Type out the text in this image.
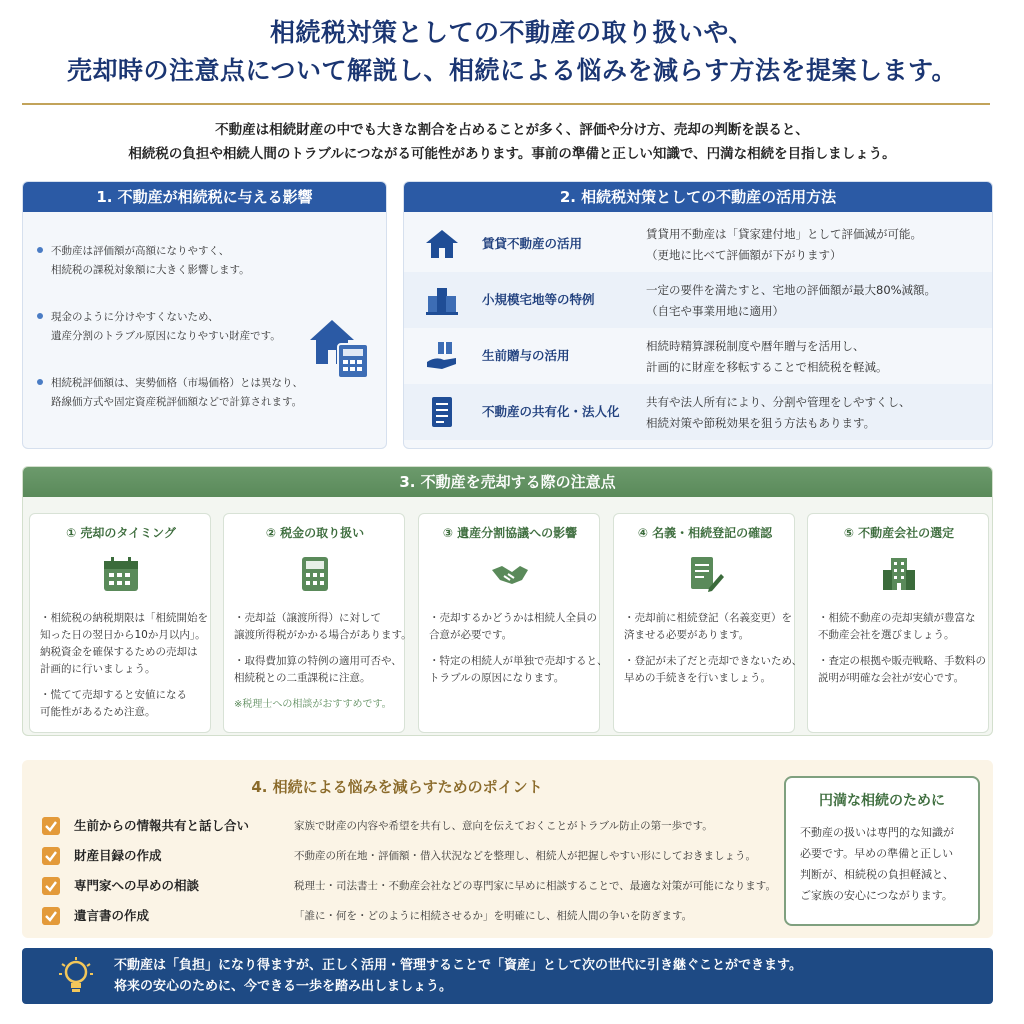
相続税対策としての不動産の取り扱いや、
売却時の注意点について解説し、相続による悩みを減らす方法を提案します。
不動産は相続財産の中でも大きな割合を占めることが多く、評価や分け方、売却の判断を誤ると、
相続税の負担や相続人間のトラブルにつながる可能性があります。事前の準備と正しい知識で、円満な相続を目指しましょう。
1. 不動産が相続税に与える影響
不動産は評価額が高額になりやすく、
相続税の課税対象額に大きく影響します。
現金のように分けやすくないため、
遺産分割のトラブル原因になりやすい財産です。
相続税評価額は、実勢価格（市場価格）とは異なり、
路線価方式や固定資産税評価額などで計算されます。
2. 相続税対策としての不動産の活用方法
賃貸不動産の活用
賃貸用不動産は「貸家建付地」として評価減が可能。
（更地に比べて評価額が下がります）
小規模宅地等の特例
一定の要件を満たすと、宅地の評価額が最大80%減額。
（自宅や事業用地に適用）
生前贈与の活用
相続時精算課税制度や暦年贈与を活用し、
計画的に財産を移転することで相続税を軽減。
不動産の共有化・法人化
共有や法人所有により、分割や管理をしやすくし、
相続対策や節税効果を狙う方法もあります。
3. 不動産を売却する際の注意点
① 売却のタイミング
・相続税の納税期限は「相続開始を
知った日の翌日から10か月以内」。
納税資金を確保するための売却は
計画的に行いましょう。
・慌てて売却すると安値になる
可能性があるため注意。
② 税金の取り扱い
・売却益（譲渡所得）に対して
譲渡所得税がかかる場合があります。
・取得費加算の特例の適用可否や、
相続税との二重課税に注意。
※税理士への相談がおすすめです。
③ 遺産分割協議への影響
・売却するかどうかは相続人全員の
合意が必要です。
・特定の相続人が単独で売却すると、
トラブルの原因になります。
④ 名義・相続登記の確認
・売却前に相続登記（名義変更）を
済ませる必要があります。
・登記が未了だと売却できないため、
早めの手続きを行いましょう。
⑤ 不動産会社の選定
・相続不動産の売却実績が豊富な
不動産会社を選びましょう。
・査定の根拠や販売戦略、手数料の
説明が明確な会社が安心です。
4. 相続による悩みを減らすためのポイント
生前からの情報共有と話し合い	家族で財産の内容や希望を共有し、意向を伝えておくことがトラブル防止の第一歩です。
財産目録の作成	不動産の所在地・評価額・借入状況などを整理し、相続人が把握しやすい形にしておきましょう。
専門家への早めの相談	税理士・司法書士・不動産会社などの専門家に早めに相談することで、最適な対策が可能になります。
遺言書の作成	「誰に・何を・どのように相続させるか」を明確にし、相続人間の争いを防ぎます。
円満な相続のために
不動産の扱いは専門的な知識が
必要です。早めの準備と正しい
判断が、相続税の負担軽減と、
ご家族の安心につながります。
不動産は「負担」になり得ますが、正しく活用・管理することで「資産」として次の世代に引き継ぐことができます。
将来の安心のために、今できる一歩を踏み出しましょう。
